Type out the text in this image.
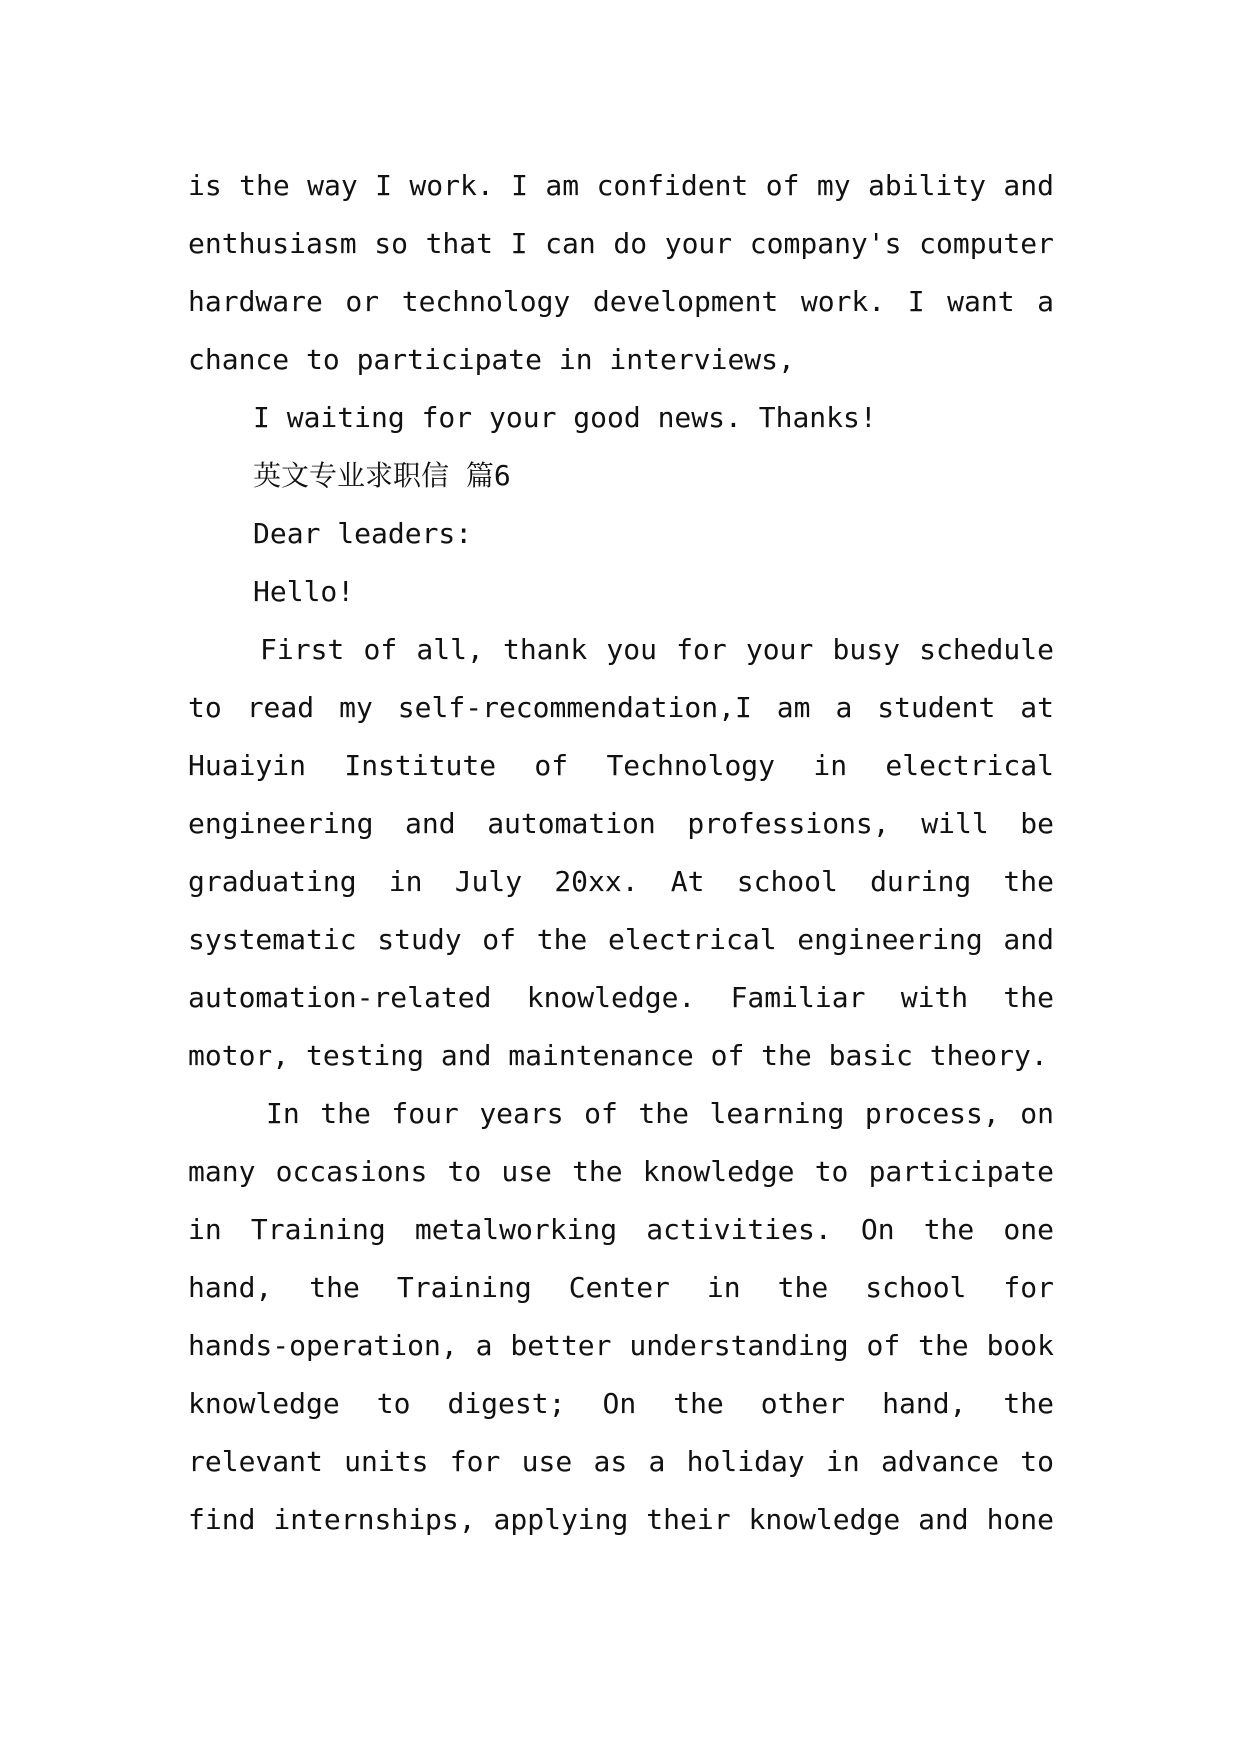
is the way I work. I am confident of my ability and
enthusiasm so that I can do your company's computer
hardware or technology development work. I want a
chance to participate in interviews,
I waiting for your good news. Thanks!
英文专业求职信 篇6
Dear leaders:
Hello!
First of all, thank you for your busy schedule
to read my self-recommendation,I am a student at
Huaiyin Institute of Technology in electrical
engineering and automation professions, will be
graduating in July 20xx. At school during the
systematic study of the electrical engineering and
automation-related knowledge. Familiar with the
motor, testing and maintenance of the basic theory.
In the four years of the learning process, on
many occasions to use the knowledge to participate
in Training metalworking activities. On the one
hand, the Training Center in the school for
hands-operation, a better understanding of the book
knowledge to digest; On the other hand, the
relevant units for use as a holiday in advance to
find internships, applying their knowledge and hone
